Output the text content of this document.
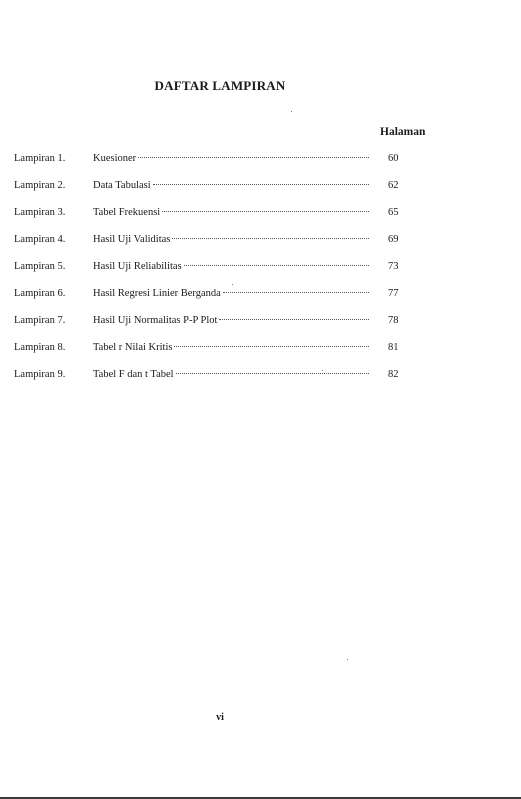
DAFTAR LAMPIRAN
Halaman
Lampiran 1.	Kuesioner	60
Lampiran 2.	Data Tabulasi	62
Lampiran 3.	Tabel Frekuensi	65
Lampiran 4.	Hasil Uji Validitas	69
Lampiran 5.	Hasil Uji Reliabilitas	73
Lampiran 6.	Hasil Regresi Linier Berganda	77
Lampiran 7.	Hasil Uji Normalitas P-P Plot	78
Lampiran 8.	Tabel r Nilai Kritis	81
Lampiran 9.	Tabel F dan t Tabel	82
vi
